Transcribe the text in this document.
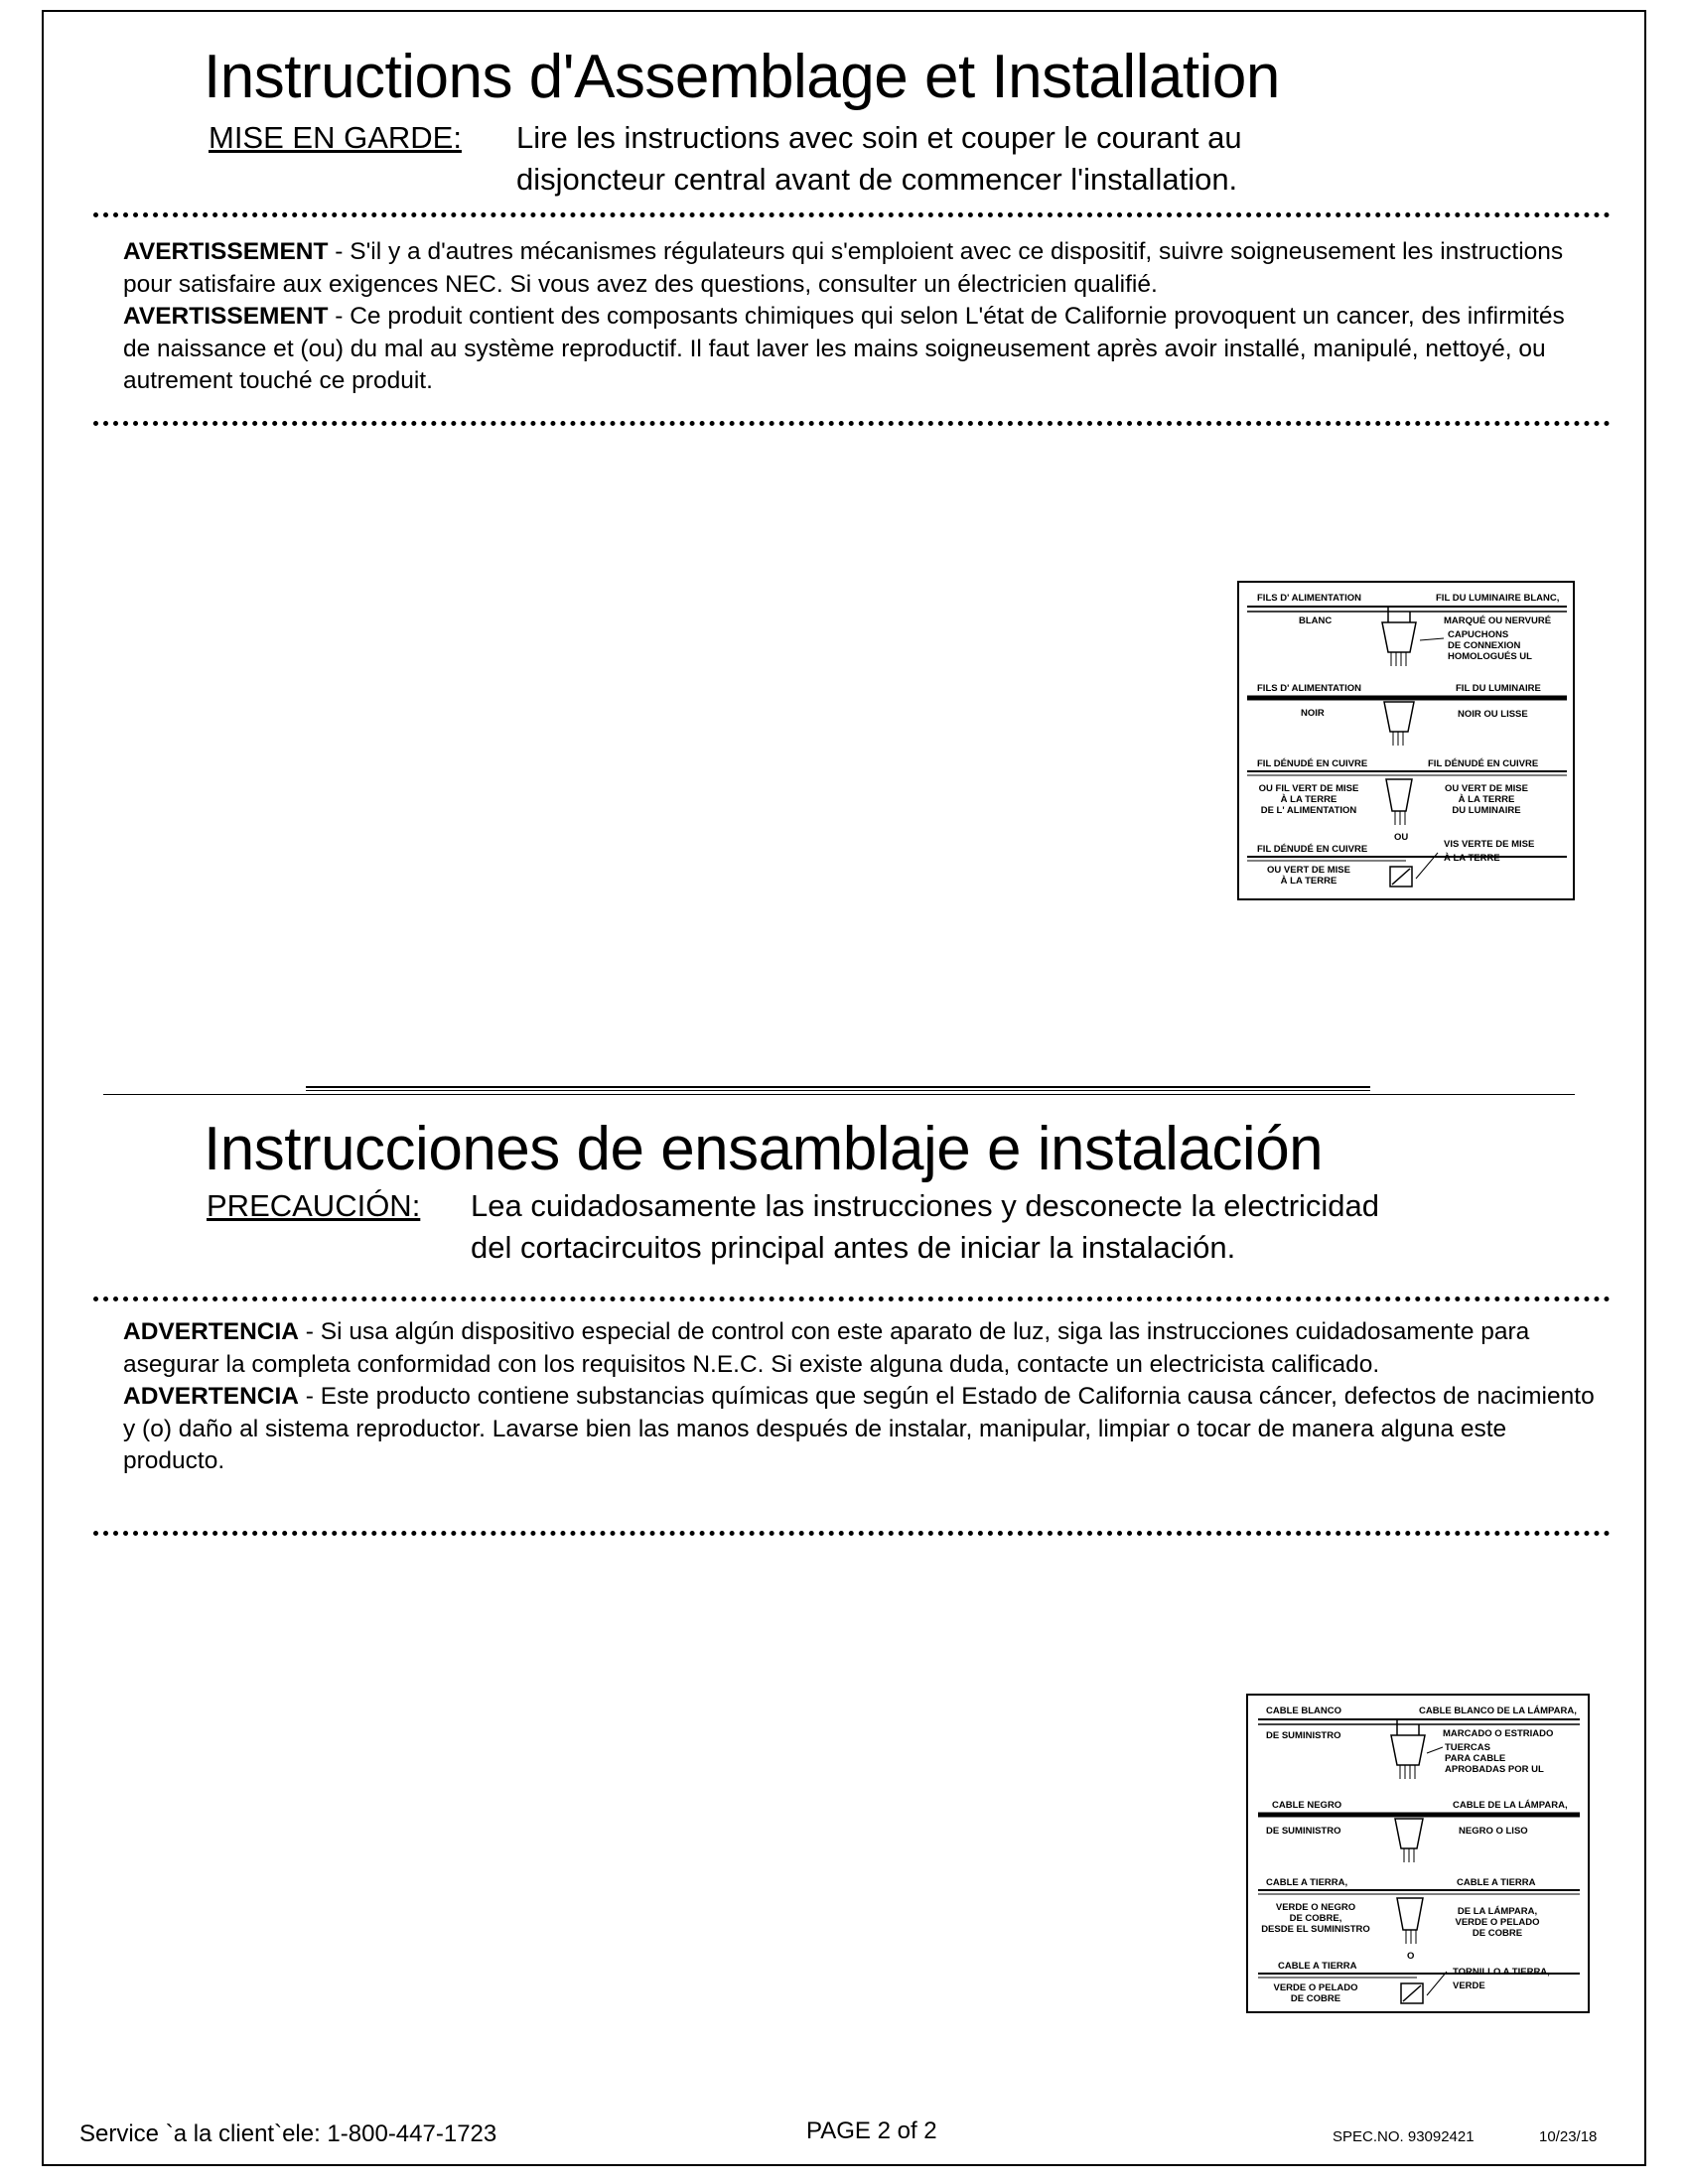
Instructions d'Assemblage et Installation
MISE EN GARDE: Lire les instructions avec soin et couper le courant au
disjoncteur central avant de commencer l'installation.

AVERTISSEMENT - S'il y a d'autres mécanismes régulateurs qui s'emploient avec ce dispositif, suivre soigneusement les instructions pour satisfaire aux exigences NEC. Si vous avez des questions, consulter un électricien qualifié.

AVERTISSEMENT - Ce produit contient des composants chimiques qui selon L'état de Californie provoquent un cancer, des infirmités de naissance et (ou) du mal au système reproductif. Il faut laver les mains soigneusement après avoir installé, manipulé, nettoyé, ou autrement touché ce produit.

FILS D' ALIMENTATION	FIL DU LUMINAIRE BLANC,
BLANC	MARQUÉ OU NERVURÉ
CAPUCHONS
DE CONNEXION
HOMOLOGUÉS UL
FILS D' ALIMENTATION	FIL DU LUMINAIRE
NOIR	NOIR OU LISSE
FIL DÉNUDÉ EN CUIVRE	FIL DÉNUDÉ EN CUIVRE
OU FIL VERT DE MISE
À LA TERRE
DE L' ALIMENTATION
OU VERT DE MISE
À LA TERRE
DU LUMINAIRE
OU
FIL DÉNUDÉ EN CUIVRE
OU VERT DE MISE
À LA TERRE
VIS VERTE DE MISE
À LA TERRE
Instrucciones de ensamblaje e instalación
PRECAUCIÓN: Lea cuidadosamente las instrucciones y desconecte la electricidad
del cortacircuitos principal antes de iniciar la instalación.

ADVERTENCIA - Si usa algún dispositivo especial de control con este aparato de luz, siga las instrucciones cuidadosamente para asegurar la completa conformidad con los requisitos N.E.C. Si existe alguna duda, contacte un electricista calificado.

ADVERTENCIA - Este producto contiene substancias químicas que según el Estado de California causa cáncer, defectos de nacimiento y (o) daño al sistema reproductor. Lavarse bien las manos después de instalar, manipular, limpiar o tocar de manera alguna este producto.

CABLE BLANCO	CABLE BLANCO DE LA LÁMPARA,
DE SUMINISTRO	MARCADO O ESTRIADO
TUERCAS
PARA CABLE
APROBADAS POR UL
CABLE NEGRO	CABLE DE LA LÁMPARA,
DE SUMINISTRO	NEGRO O LISO
CABLE A TIERRA,	CABLE A TIERRA
VERDE O NEGRO
DE COBRE,
DESDE EL SUMINISTRO
DE LA LÁMPARA,
VERDE O PELADO
DE COBRE
O
CABLE A TIERRA
VERDE O PELADO
DE COBRE
TORNILLO A TIERRA,
VERDE
Service `a la client`ele: 1-800-447-1723	PAGE 2 of 2	SPEC.NO. 93092421	10/23/18
